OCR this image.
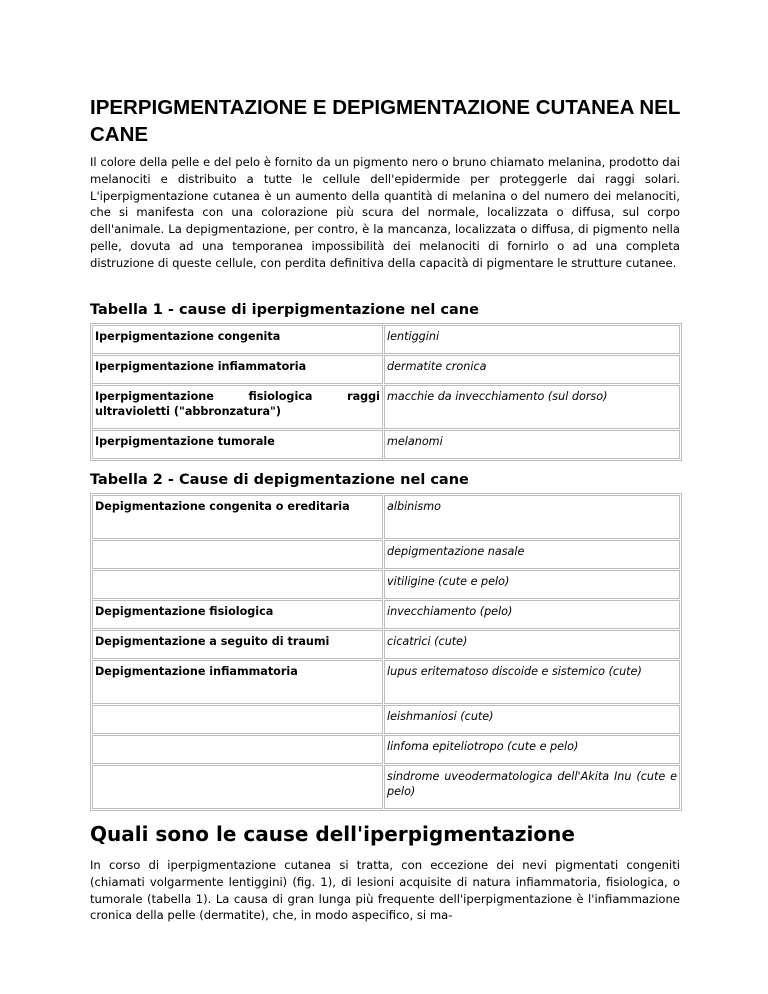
IPERPIGMENTAZIONE E DEPIGMENTAZIONE CUTANEA NEL CANE

Il colore della pelle e del pelo è fornito da un pigmento nero o bruno chiamato melanina, prodotto dai melanociti e distribuito a tutte le cellule dell'epidermide per proteggerle dai raggi solari. L'iperpigmentazione cutanea è un aumento della quantità di melanina o del numero dei melanociti, che si manifesta con una colorazione più scura del normale, localizzata o diffusa, sul corpo dell'animale. La depigmentazione, per contro, è la mancanza, localizzata o diffusa, di pigmento nella pelle, dovuta ad una temporanea impossibilità dei melanociti di fornirlo o ad una completa distruzione di queste cellule, con perdita definitiva della capacità di pigmentare le strutture cutanee.

Tabella 1 - cause di iperpigmentazione nel cane
Iperpigmentazione congenita	lentiggini
Iperpigmentazione infiammatoria	dermatite cronica
Iperpigmentazione fisiologica raggi ultravioletti ("abbronzatura")	macchie da invecchiamento (sul dorso)
Iperpigmentazione tumorale	melanomi
Tabella 2 - Cause di depigmentazione nel cane
Depigmentazione congenita o ereditaria	albinismo
	depigmentazione nasale
	vitiligine (cute e pelo)
Depigmentazione fisiologica	invecchiamento (pelo)
Depigmentazione a seguito di traumi	cicatrici (cute)
Depigmentazione infiammatoria	lupus eritematoso discoide e sistemico (cute)
	leishmaniosi (cute)
	linfoma epiteliotropo (cute e pelo)
	sindrome uveodermatologica dell'Akita Inu (cute e pelo)
Quali sono le cause dell'iperpigmentazione

In corso di iperpigmentazione cutanea si tratta, con eccezione dei nevi pigmentati congeniti (chiamati volgarmente lentiggini) (fig. 1), di lesioni acquisite di natura infiammatoria, fisiologica, o tumorale (tabella 1). La causa di gran lunga più frequente dell'iperpigmentazione è l'infiammazione cronica della pelle (dermatite), che, in modo aspecifico, si ma-
